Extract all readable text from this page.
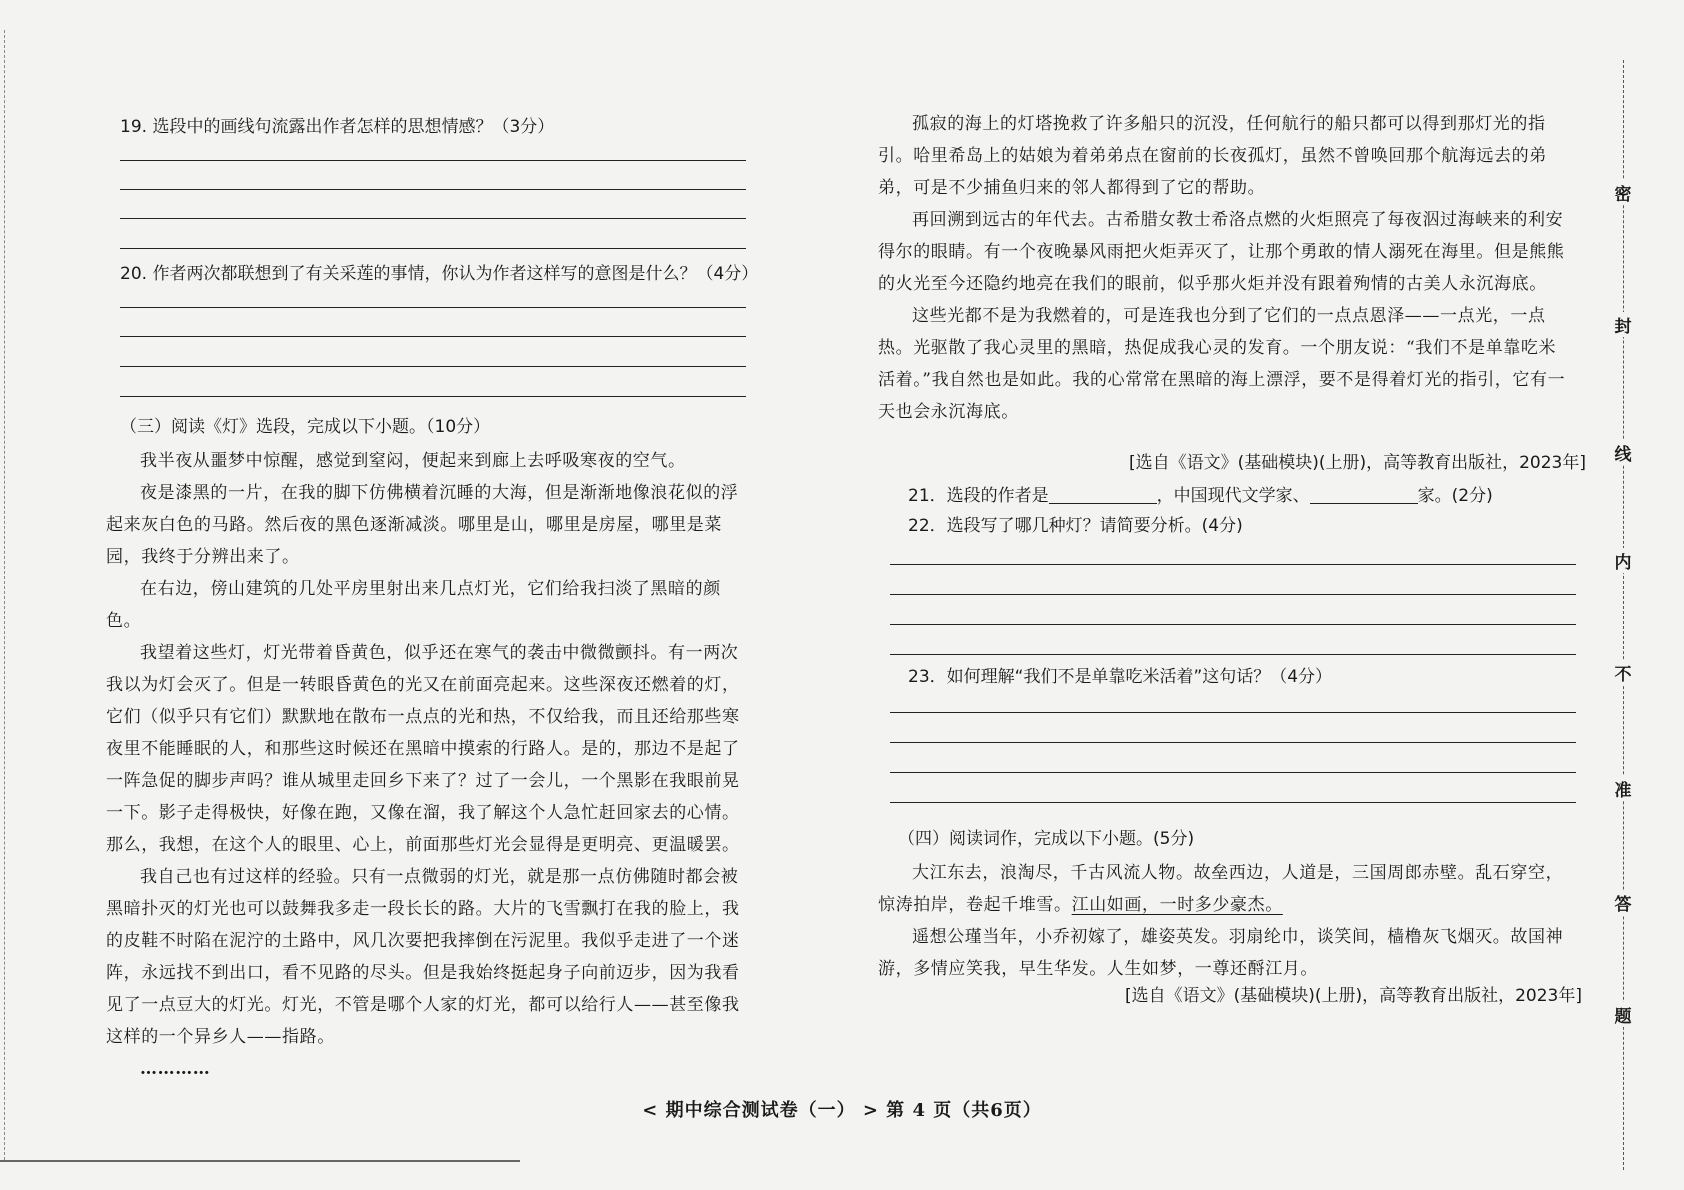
19. 选段中的画线句流露出作者怎样的思想情感？（3分）
20. 作者两次都联想到了有关采莲的事情，你认为作者这样写的意图是什么？（4分）
（三）阅读《灯》选段，完成以下小题。（10分）

我半夜从噩梦中惊醒，感觉到窒闷，便起来到廊上去呼吸寒夜的空气。

夜是漆黑的一片，在我的脚下仿佛横着沉睡的大海，但是渐渐地像浪花似的浮起来灰白色的马路。然后夜的黑色逐渐减淡。哪里是山，哪里是房屋，哪里是菜园，我终于分辨出来了。

在右边，傍山建筑的几处平房里射出来几点灯光，它们给我扫淡了黑暗的颜色。

我望着这些灯，灯光带着昏黄色，似乎还在寒气的袭击中微微颤抖。有一两次我以为灯会灭了。但是一转眼昏黄色的光又在前面亮起来。这些深夜还燃着的灯，它们（似乎只有它们）默默地在散布一点点的光和热，不仅给我，而且还给那些寒夜里不能睡眠的人，和那些这时候还在黑暗中摸索的行路人。是的，那边不是起了一阵急促的脚步声吗？谁从城里走回乡下来了？过了一会儿，一个黑影在我眼前晃一下。影子走得极快，好像在跑，又像在溜，我了解这个人急忙赶回家去的心情。那么，我想，在这个人的眼里、心上，前面那些灯光会显得是更明亮、更温暖罢。

我自己也有过这样的经验。只有一点微弱的灯光，就是那一点仿佛随时都会被黑暗扑灭的灯光也可以鼓舞我多走一段长长的路。大片的飞雪飘打在我的脸上，我的皮鞋不时陷在泥泞的土路中，风几次要把我摔倒在污泥里。我似乎走进了一个迷阵，永远找不到出口，看不见路的尽头。但是我始终挺起身子向前迈步，因为我看见了一点豆大的灯光。灯光，不管是哪个人家的灯光，都可以给行人——甚至像我这样的一个异乡人——指路。

…………

孤寂的海上的灯塔挽救了许多船只的沉没，任何航行的船只都可以得到那灯光的指引。哈里希岛上的姑娘为着弟弟点在窗前的长夜孤灯，虽然不曾唤回那个航海远去的弟弟，可是不少捕鱼归来的邻人都得到了它的帮助。

再回溯到远古的年代去。古希腊女教士希洛点燃的火炬照亮了每夜泅过海峡来的利安得尔的眼睛。有一个夜晚暴风雨把火炬弄灭了，让那个勇敢的情人溺死在海里。但是熊熊的火光至今还隐约地亮在我们的眼前，似乎那火炬并没有跟着殉情的古美人永沉海底。

这些光都不是为我燃着的，可是连我也分到了它们的一点点恩泽——一点光，一点热。光驱散了我心灵里的黑暗，热促成我心灵的发育。一个朋友说：“我们不是单靠吃米活着。”我自然也是如此。我的心常常在黑暗的海上漂浮，要不是得着灯光的指引，它有一天也会永沉海底。

[选自《语文》(基础模块)(上册)，高等教育出版社，2023年]
21．选段的作者是	，中国现代文学家、	家。(2分)
22．选段写了哪几种灯？请简要分析。(4分)
23．如何理解“我们不是单靠吃米活着”这句话？（4分）
（四）阅读词作，完成以下小题。(5分)

大江东去，浪淘尽，千古风流人物。故垒西边，人道是，三国周郎赤壁。乱石穿空，惊涛拍岸，卷起千堆雪。江山如画，一时多少豪杰。

遥想公瑾当年，小乔初嫁了，雄姿英发。羽扇纶巾，谈笑间，樯橹灰飞烟灭。故国神游，多情应笑我，早生华发。人生如梦，一尊还酹江月。

[选自《语文》(基础模块)(上册)，高等教育出版社，2023年]
< 期中综合测试卷（一） > 第 4 页（共6页）
密
封
线
内
不
准
答
题
